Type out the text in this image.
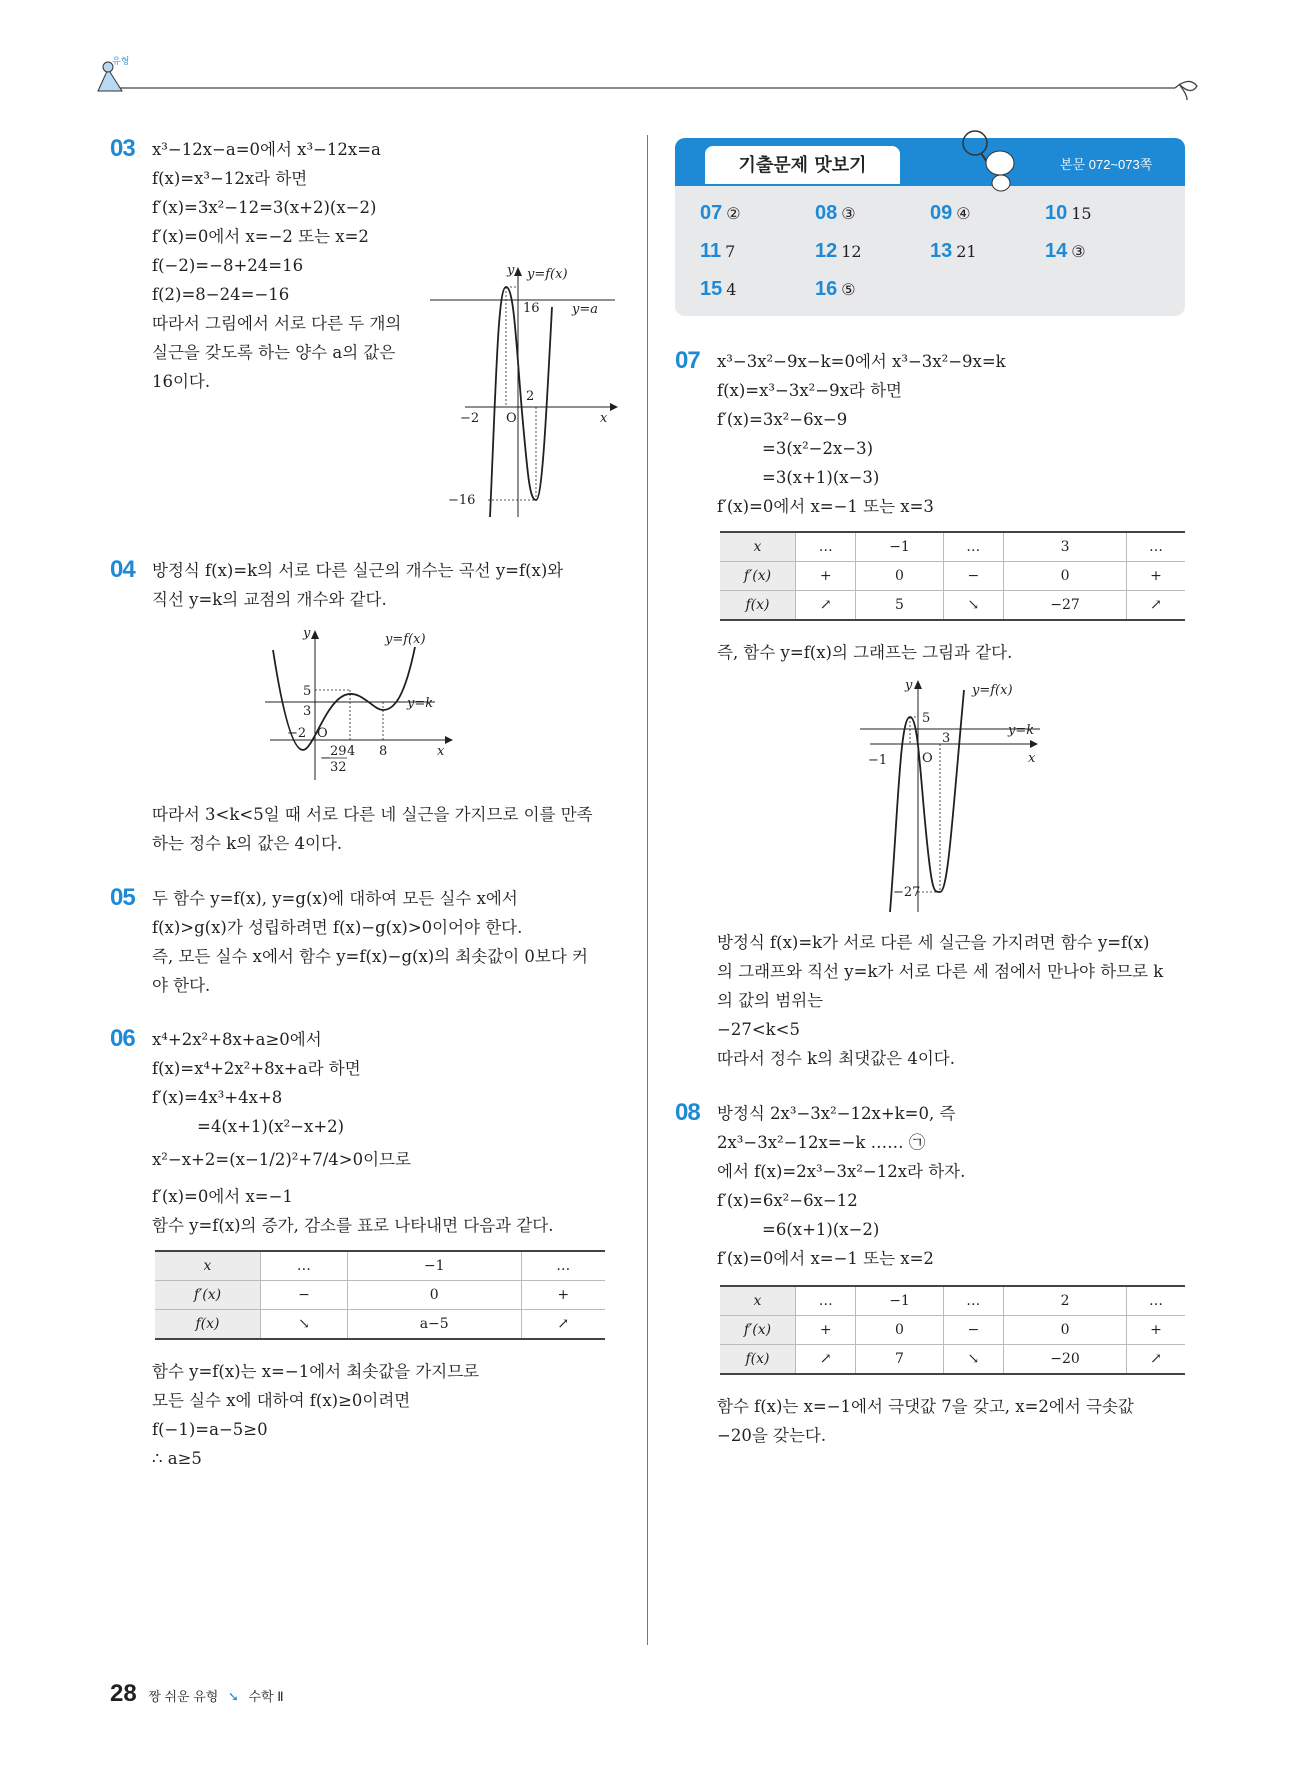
유형
03 x³−12x−a=0에서 x³−12x=a
f(x)=x³−12x라 하면
f′(x)=3x²−12=3(x+2)(x−2)
f′(x)=0에서 x=−2 또는 x=2
f(−2)=−8+24=16
f(2)=8−24=−16
따라서 그림에서 서로 다른 두 개의
실근을 갖도록 하는 양수 a의 값은
16이다.
y y=f(x)
y=a
16
2
−2 O	x
−16
04 방정식 f(x)=k의 서로 다른 실근의 개수는 곡선 y=f(x)와
직선 y=k의 교점의 개수와 같다.
y	y=f(x)
y=k
5
3
−2 O
4 8	x
− 29
32
따라서 3<k<5일 때 서로 다른 네 실근을 가지므로 이를 만족
하는 정수 k의 값은 4이다.
05 두 함수 y=f(x), y=g(x)에 대하여 모든 실수 x에서
f(x)>g(x)가 성립하려면 f(x)−g(x)>0이어야 한다.
즉, 모든 실수 x에서 함수 y=f(x)−g(x)의 최솟값이 0보다 커
야 한다.
06 x⁴+2x²+8x+a≥0에서
f(x)=x⁴+2x²+8x+a라 하면
f′(x)=4x³+4x+8
=4(x+1)(x²−x+2)
x²−x+2=(x−1/2)²+7/4>0이므로
f′(x)=0에서 x=−1
함수 y=f(x)의 증가, 감소를 표로 나타내면 다음과 같다.
x	…	−1	…
f′(x)	−	0	+
f(x)	↘	a−5	↗
함수 y=f(x)는 x=−1에서 최솟값을 가지므로
모든 실수 x에 대하여 f(x)≥0이려면
f(−1)=a−5≥0
∴ a≥5
기출문제 맛보기	본문 072~073쪽
07 ②	08 ③	09 ④	10 15
11 7	12 12	13 21	14 ③
15 4	16 ⑤
07 x³−3x²−9x−k=0에서 x³−3x²−9x=k
f(x)=x³−3x²−9x라 하면
f′(x)=3x²−6x−9
=3(x²−2x−3)
=3(x+1)(x−3)
f′(x)=0에서 x=−1 또는 x=3
x	…	−1	…	3	…
f′(x)	+	0	−	0	+
f(x)	↗	5	↘	−27	↗
즉, 함수 y=f(x)의 그래프는 그림과 같다.
y	y=f(x)
y=k
5
3
−1	O	x
−27
방정식 f(x)=k가 서로 다른 세 실근을 가지려면 함수 y=f(x)
의 그래프와 직선 y=k가 서로 다른 세 점에서 만나야 하므로 k
의 값의 범위는
−27<k<5
따라서 정수 k의 최댓값은 4이다.
08 방정식 2x³−3x²−12x+k=0, 즉
2x³−3x²−12x=−k …… ㉠
에서 f(x)=2x³−3x²−12x라 하자.
f′(x)=6x²−6x−12
=6(x+1)(x−2)
f′(x)=0에서 x=−1 또는 x=2
x	…	−1	…	2	…
f′(x)	+	0	−	0	+
f(x)	↗	7	↘	−20	↗
함수 f(x)는 x=−1에서 극댓값 7을 갖고, x=2에서 극솟값
−20을 갖는다.
28 짱 쉬운 유형 ➘ 수학 Ⅱ
